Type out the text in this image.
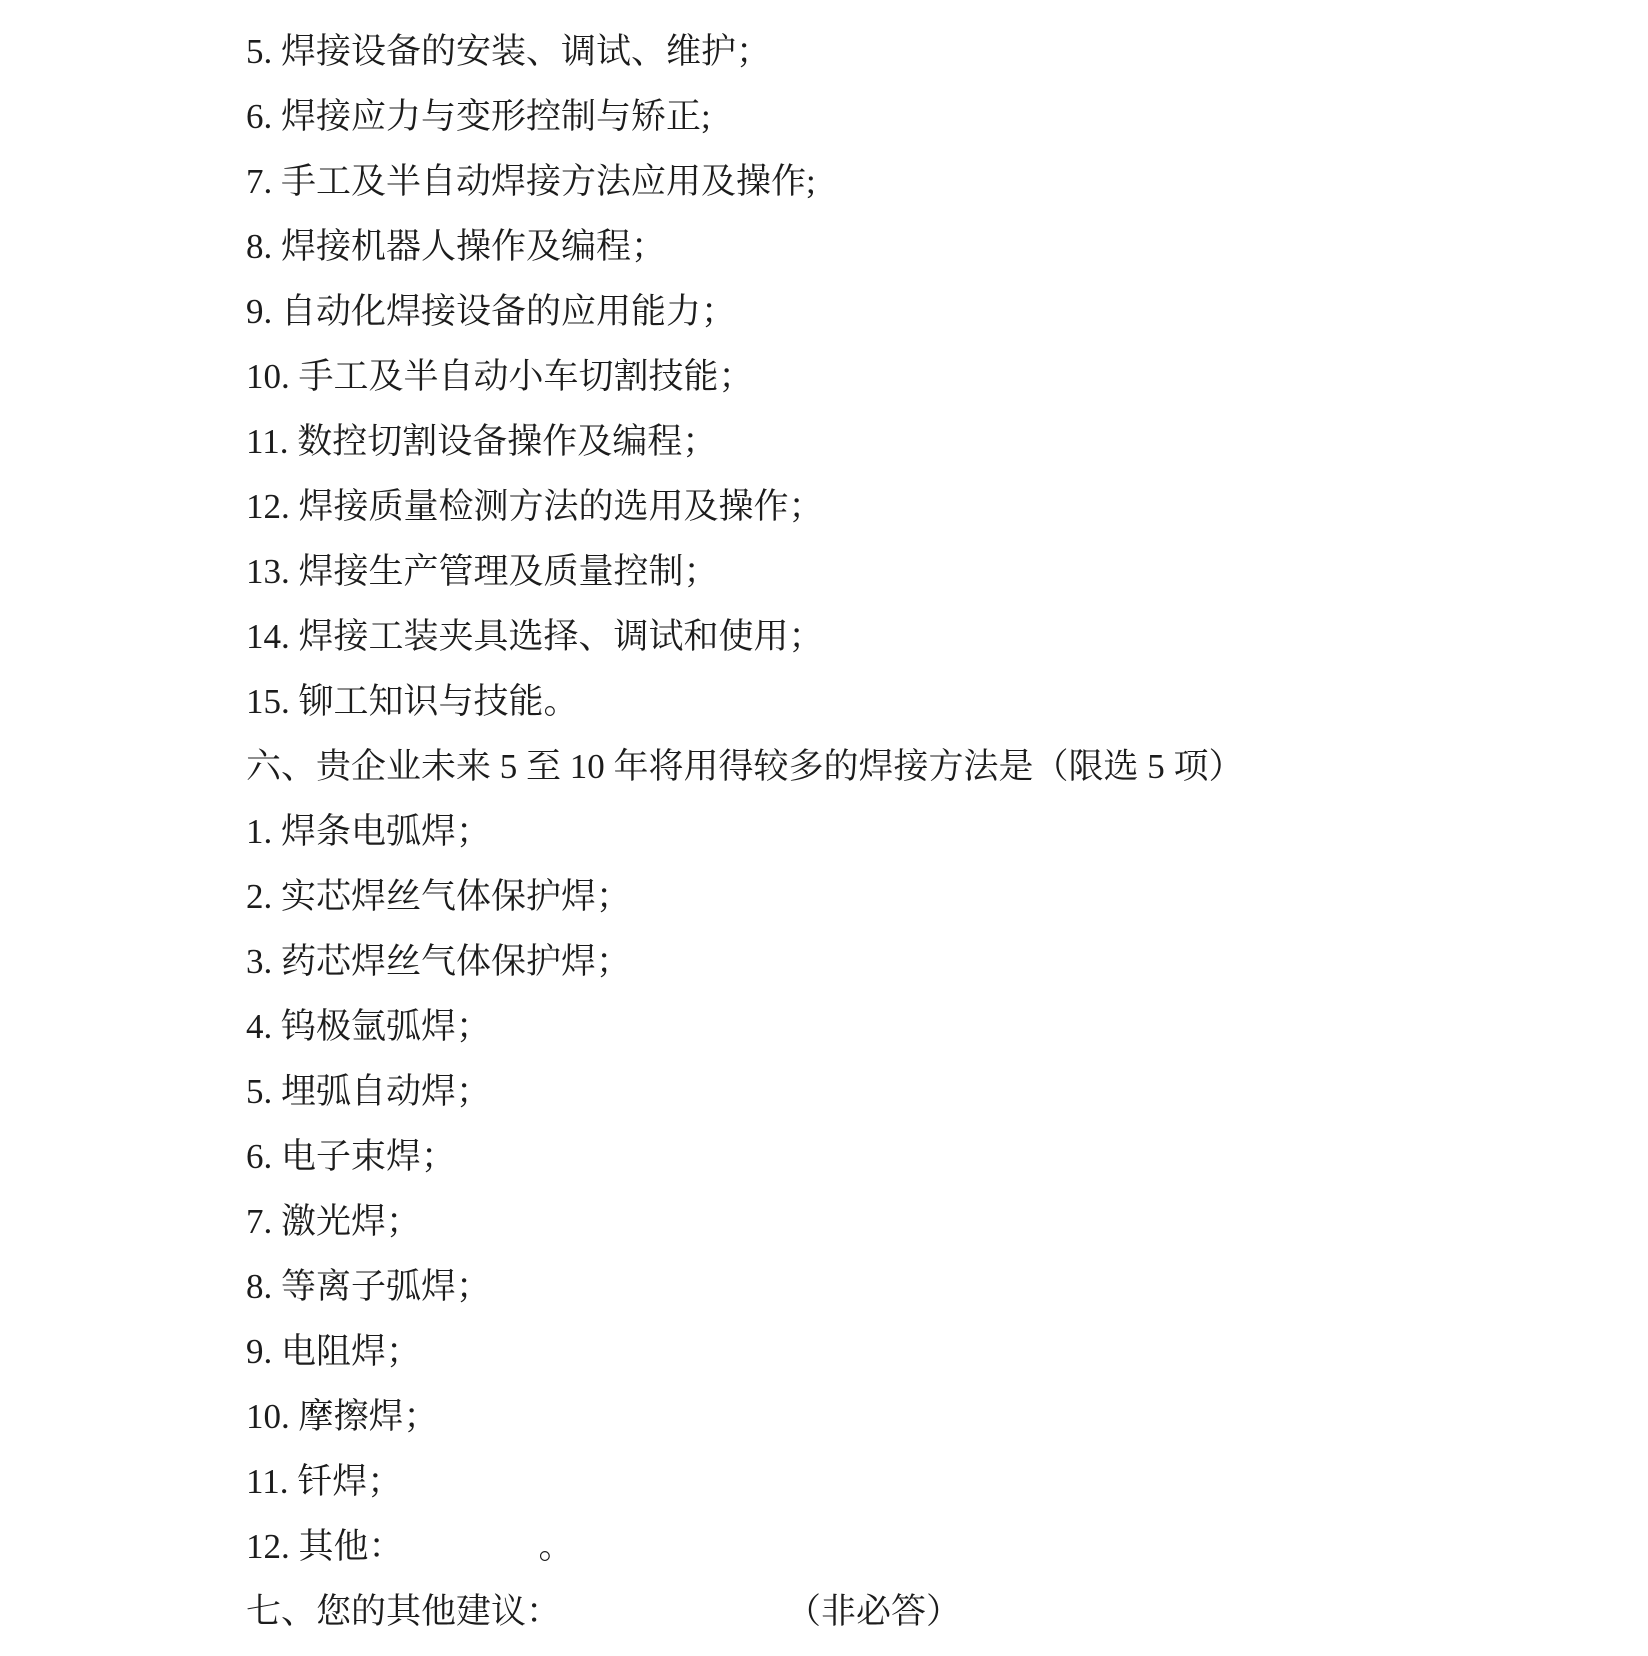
5. 焊接设备的安装、调试、维护；

6. 焊接应力与变形控制与矫正;

7. 手工及半自动焊接方法应用及操作;

8. 焊接机器人操作及编程；

9. 自动化焊接设备的应用能力；

10. 手工及半自动小车切割技能；

11. 数控切割设备操作及编程；

12. 焊接质量检测方法的选用及操作；

13. 焊接生产管理及质量控制；

14. 焊接工装夹具选择、调试和使用；

15. 铆工知识与技能。

六、贵企业未来 5 至 10 年将用得较多的焊接方法是（限选 5 项）

1. 焊条电弧焊；

2. 实芯焊丝气体保护焊；

3. 药芯焊丝气体保护焊；

4. 钨极氩弧焊；

5. 埋弧自动焊；

6. 电子束焊；

7. 激光焊；

8. 等离子弧焊；

9. 电阻焊；

10. 摩擦焊；

11. 钎焊；

12. 其他：	。

七、您的其他建议：	（非必答）
